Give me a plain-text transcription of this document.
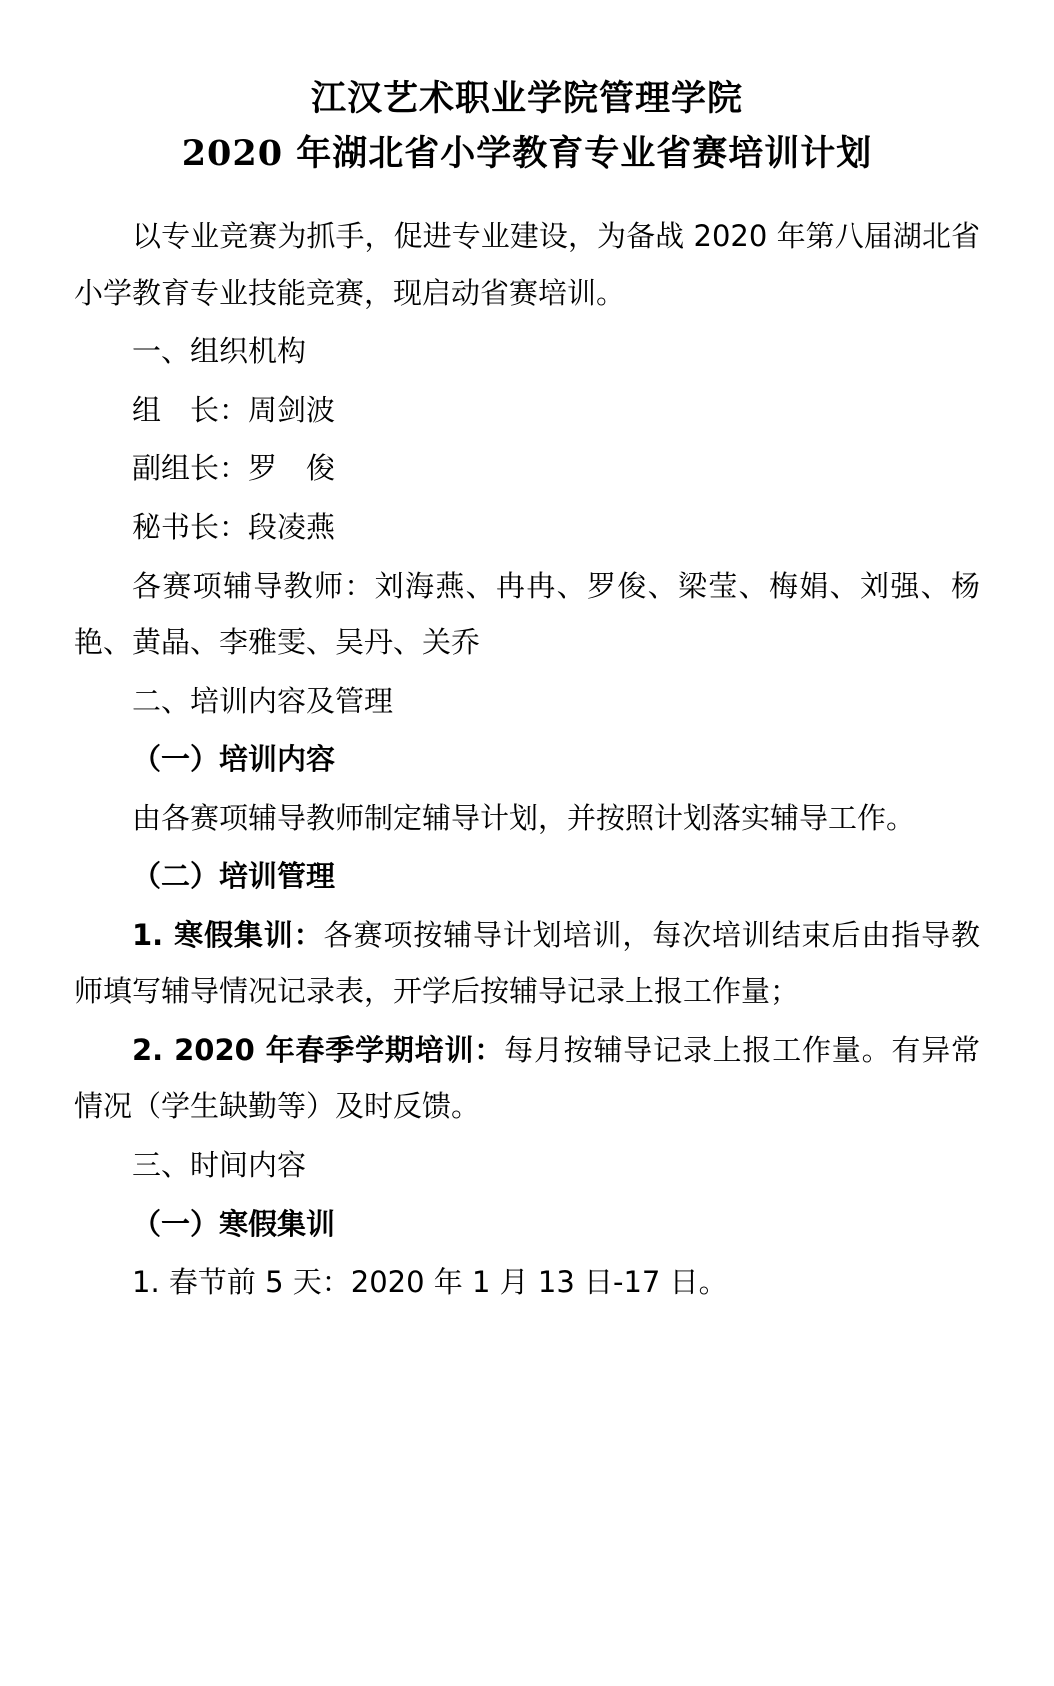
江汉艺术职业学院管理学院
2020 年湖北省小学教育专业省赛培训计划

以专业竞赛为抓手，促进专业建设，为备战 2020 年第八届湖北省小学教育专业技能竞赛，现启动省赛培训。

一、组织机构

组　长：周剑波

副组长：罗　俊

秘书长：段凌燕

各赛项辅导教师：刘海燕、冉冉、罗俊、梁莹、梅娟、刘强、杨艳、黄晶、李雅雯、吴丹、关乔

二、培训内容及管理

（一）培训内容

由各赛项辅导教师制定辅导计划，并按照计划落实辅导工作。

（二）培训管理

1. 寒假集训：各赛项按辅导计划培训，每次培训结束后由指导教师填写辅导情况记录表，开学后按辅导记录上报工作量；

2. 2020 年春季学期培训：每月按辅导记录上报工作量。有异常情况（学生缺勤等）及时反馈。

三、时间内容

（一）寒假集训

1. 春节前 5 天：2020 年 1 月 13 日-17 日。
